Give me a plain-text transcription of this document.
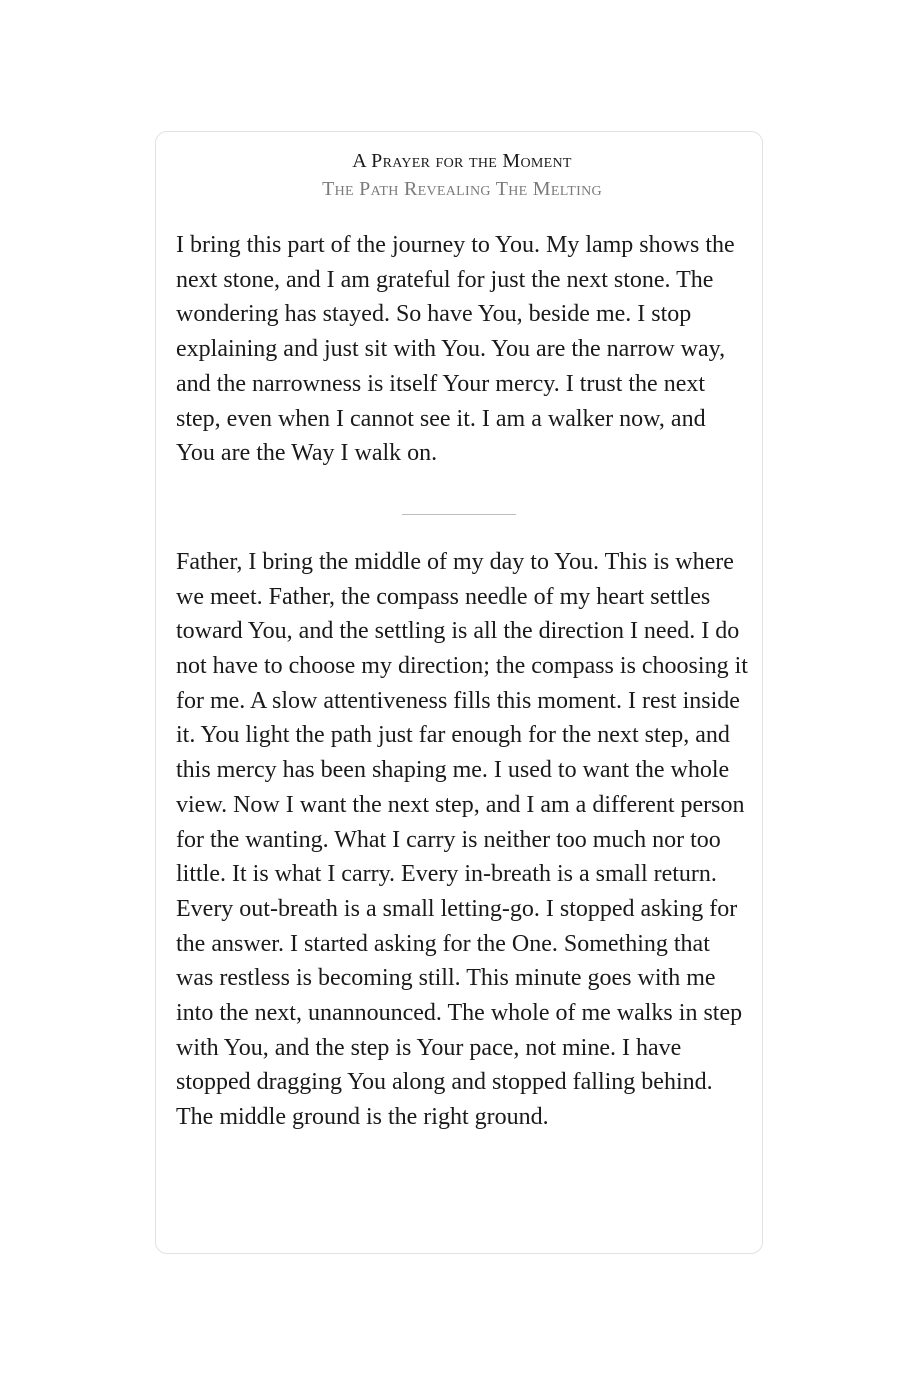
A Prayer for the Moment
The Path Revealing The Melting

I bring this part of the journey to You. My lamp shows the next stone, and I am grateful for just the next stone. The wondering has stayed. So have You, beside me. I stop explaining and just sit with You. You are the narrow way, and the narrowness is itself Your mercy. I trust the next step, even when I cannot see it. I am a walker now, and You are the Way I walk on.

Father, I bring the middle of my day to You. This is where we meet. Father, the compass needle of my heart settles toward You, and the settling is all the direction I need. I do not have to choose my direction; the compass is choosing it for me. A slow attentiveness fills this moment. I rest inside it. You light the path just far enough for the next step, and this mercy has been shaping me. I used to want the whole view. Now I want the next step, and I am a different person for the wanting. What I carry is neither too much nor too little. It is what I carry. Every in-breath is a small return. Every out-breath is a small letting-go. I stopped asking for the answer. I started asking for the One. Something that was restless is becoming still. This minute goes with me into the next, unannounced. The whole of me walks in step with You, and the step is Your pace, not mine. I have stopped dragging You along and stopped falling behind. The middle ground is the right ground.
